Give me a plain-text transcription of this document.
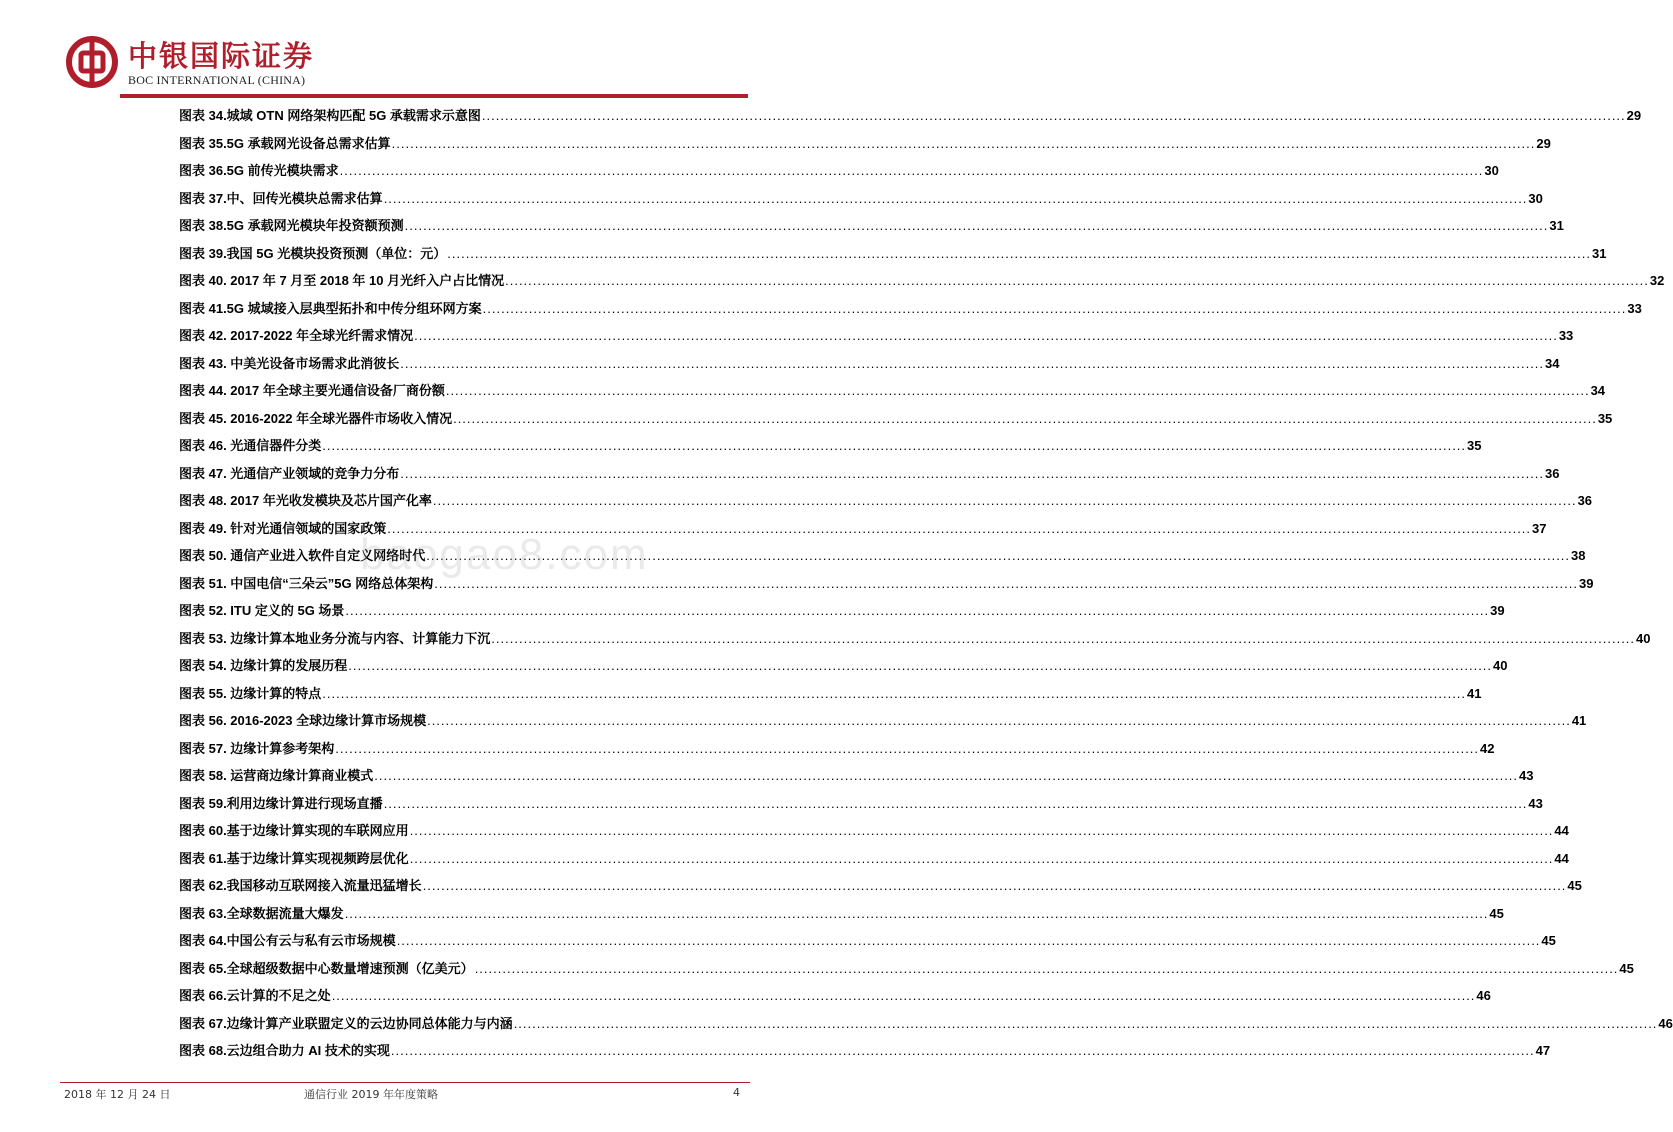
中银国际证券
BOC INTERNATIONAL (CHINA)
图表 34.城域 OTN 网络架构匹配 5G 承载需求示意图 .....	29
图表 35.5G 承载网光设备总需求估算 .....	29
图表 36.5G 前传光模块需求 .....	30
图表 37.中、回传光模块总需求估算 .....	30
图表 38.5G 承载网光模块年投资额预测 .....	31
图表 39.我国 5G 光模块投资预测（单位：元） .....	31
图表 40. 2017 年 7 月至 2018 年 10 月光纤入户占比情况 .....	32
图表 41.5G 城域接入层典型拓扑和中传分组环网方案 .....	33
图表 42. 2017-2022 年全球光纤需求情况 .....	33
图表 43. 中美光设备市场需求此消彼长 .....	34
图表 44. 2017 年全球主要光通信设备厂商份额 .....	34
图表 45. 2016-2022 年全球光器件市场收入情况 .....	35
图表 46. 光通信器件分类 .....	35
图表 47. 光通信产业领域的竞争力分布 .....	36
图表 48. 2017 年光收发模块及芯片国产化率 .....	36
图表 49. 针对光通信领域的国家政策 .....	37
图表 50. 通信产业进入软件自定义网络时代 .....	38
图表 51. 中国电信“三朵云”5G 网络总体架构 .....	39
图表 52. ITU 定义的 5G 场景 .....	39
图表 53. 边缘计算本地业务分流与内容、计算能力下沉 .....	40
图表 54. 边缘计算的发展历程 .....	40
图表 55. 边缘计算的特点 .....	41
图表 56. 2016-2023 全球边缘计算市场规模 .....	41
图表 57. 边缘计算参考架构 .....	42
图表 58. 运营商边缘计算商业模式 .....	43
图表 59.利用边缘计算进行现场直播 .....	43
图表 60.基于边缘计算实现的车联网应用 .....	44
图表 61.基于边缘计算实现视频跨层优化 .....	44
图表 62.我国移动互联网接入流量迅猛增长 .....	45
图表 63.全球数据流量大爆发 .....	45
图表 64.中国公有云与私有云市场规模 .....	45
图表 65.全球超级数据中心数量增速预测（亿美元） .....	45
图表 66.云计算的不足之处 .....	46
图表 67.边缘计算产业联盟定义的云边协同总体能力与内涵 .....	46
图表 68.云边组合助力 AI 技术的实现 .....	47
baogao8.com
2018 年 12 月 24 日	通信行业 2019 年年度策略	4
